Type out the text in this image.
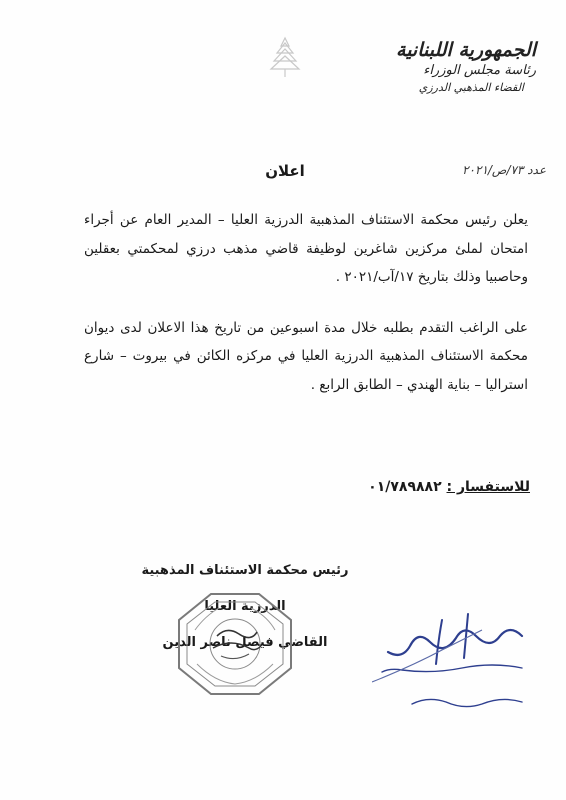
الجمهورية اللبنانية
رئاسة مجلس الوزراء
القضاء المذهبي الدرزي
عدد ٧٣/ص/٢٠٢١
اعلان

يعلن رئيس محكمة الاستئناف المذهبية الدرزية العليا – المدير العام عن أجراء امتحان لملئ مركزين شاغرين لوظيفة قاضي مذهب درزي لمحكمتي بعقلين وحاصبيا وذلك بتاريخ ١٧/آب/٢٠٢١ .

على الراغب التقدم بطلبه خلال مدة اسبوعين من تاريخ هذا الاعلان لدى ديوان محكمة الاستئناف المذهبية الدرزية العليا في مركزه الكائن في بيروت – شارع استراليا – بناية الهندي – الطابق الرابع .

للاستفسار : ٠١/٧٨٩٨٨٢
رئيس محكمة الاستئناف المذهبية الدرزية العليا
القاضي فيصل ناصر الدين
